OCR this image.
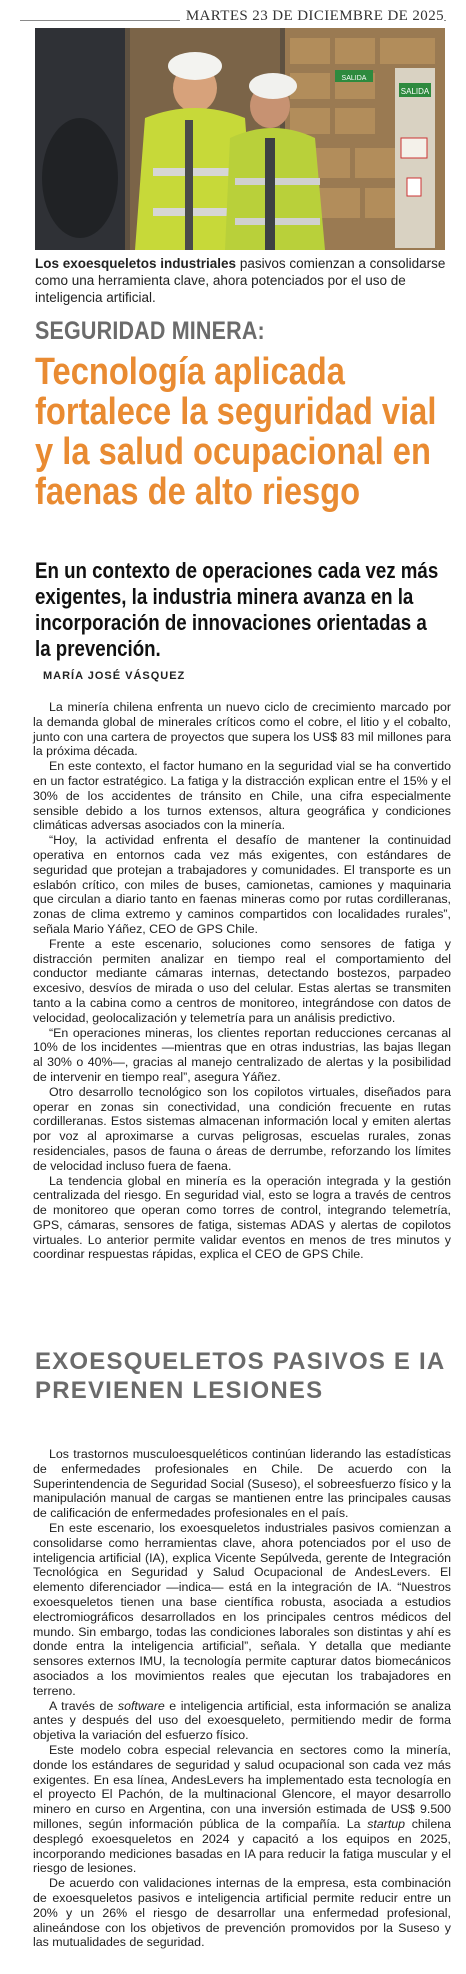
MARTES 23 DE DICIEMBRE DE 2025
SALIDA
SALIDA
Los exoesqueletos industriales pasivos comienzan a consolidarse como una herramienta clave, ahora potenciados por el uso de inteligencia artificial.
SEGURIDAD MINERA:
Tecnología aplicada fortalece la seguridad vial y la salud ocupacional en faenas de alto riesgo
En un contexto de operaciones cada vez más exigentes, la industria minera avanza en la incorporación de innovaciones orientadas a la prevención.
MARÍA JOSÉ VÁSQUEZ

La minería chilena enfrenta un nuevo ciclo de crecimiento marcado por la demanda global de minerales críticos como el cobre, el litio y el cobalto, junto con una cartera de proyectos que supera los US$ 83 mil millones para la próxima década.

En este contexto, el factor humano en la seguridad vial se ha convertido en un factor estratégico. La fatiga y la distracción explican entre el 15% y el 30% de los accidentes de tránsito en Chile, una cifra especialmente sensible debido a los turnos extensos, altura geográfica y condiciones climáticas adversas asociados con la minería.

“Hoy, la actividad enfrenta el desafío de mantener la continuidad operativa en entornos cada vez más exigentes, con estándares de seguridad que protejan a trabajadores y comunidades. El transporte es un eslabón crítico, con miles de buses, camionetas, camiones y maquinaria que circulan a diario tanto en faenas mineras como por rutas cordilleranas, zonas de clima extremo y caminos compartidos con localidades rurales”, señala Mario Yáñez, CEO de GPS Chile.

Frente a este escenario, soluciones como sensores de fatiga y distracción permiten analizar en tiempo real el comportamiento del conductor mediante cámaras internas, detectando bostezos, parpadeo excesivo, desvíos de mirada o uso del celular. Estas alertas se transmiten tanto a la cabina como a centros de monitoreo, integrándose con datos de velocidad, geolocalización y telemetría para un análisis predictivo.

“En operaciones mineras, los clientes reportan reducciones cercanas al 10% de los incidentes —mientras que en otras industrias, las bajas llegan al 30% o 40%—, gracias al manejo centralizado de alertas y la posibilidad de intervenir en tiempo real”, asegura Yáñez.

Otro desarrollo tecnológico son los copilotos virtuales, diseñados para operar en zonas sin conectividad, una condición frecuente en rutas cordilleranas. Estos sistemas almacenan información local y emiten alertas por voz al aproximarse a curvas peligrosas, escuelas rurales, zonas residenciales, pasos de fauna o áreas de derrumbe, reforzando los límites de velocidad incluso fuera de faena.

La tendencia global en minería es la operación integrada y la gestión centralizada del riesgo. En seguridad vial, esto se logra a través de centros de monitoreo que operan como torres de control, integrando telemetría, GPS, cámaras, sensores de fatiga, sistemas ADAS y alertas de copilotos virtuales. Lo anterior permite validar eventos en menos de tres minutos y coordinar respuestas rápidas, explica el CEO de GPS Chile.

EXOESQUELETOS PASIVOS E IA PREVIENEN LESIONES

Los trastornos musculoesqueléticos continúan liderando las estadísticas de enfermedades profesionales en Chile. De acuerdo con la Superintendencia de Seguridad Social (Suseso), el sobreesfuerzo físico y la manipulación manual de cargas se mantienen entre las principales causas de calificación de enfermedades profesionales en el país.

En este escenario, los exoesqueletos industriales pasivos comienzan a consolidarse como herramientas clave, ahora potenciados por el uso de inteligencia artificial (IA), explica Vicente Sepúlveda, gerente de Integración Tecnológica en Seguridad y Salud Ocupacional de AndesLevers. El elemento diferenciador —indica— está en la integración de IA. “Nuestros exoesqueletos tienen una base científica robusta, asociada a estudios electromiográficos desarrollados en los principales centros médicos del mundo. Sin embargo, todas las condiciones laborales son distintas y ahí es donde entra la inteligencia artificial”, señala. Y detalla que mediante sensores externos IMU, la tecnología permite capturar datos biomecánicos asociados a los movimientos reales que ejecutan los trabajadores en terreno.

A través de software e inteligencia artificial, esta información se analiza antes y después del uso del exoesqueleto, permitiendo medir de forma objetiva la variación del esfuerzo físico.

Este modelo cobra especial relevancia en sectores como la minería, donde los estándares de seguridad y salud ocupacional son cada vez más exigentes. En esa línea, AndesLevers ha implementado esta tecnología en el proyecto El Pachón, de la multinacional Glencore, el mayor desarrollo minero en curso en Argentina, con una inversión estimada de US$ 9.500 millones, según información pública de la compañía. La startup chilena desplegó exoesqueletos en 2024 y capacitó a los equipos en 2025, incorporando mediciones basadas en IA para reducir la fatiga muscular y el riesgo de lesiones.

De acuerdo con validaciones internas de la empresa, esta combinación de exoesqueletos pasivos e inteligencia artificial permite reducir entre un 20% y un 26% el riesgo de desarrollar una enfermedad profesional, alineándose con los objetivos de prevención promovidos por la Suseso y las mutualidades de seguridad.
